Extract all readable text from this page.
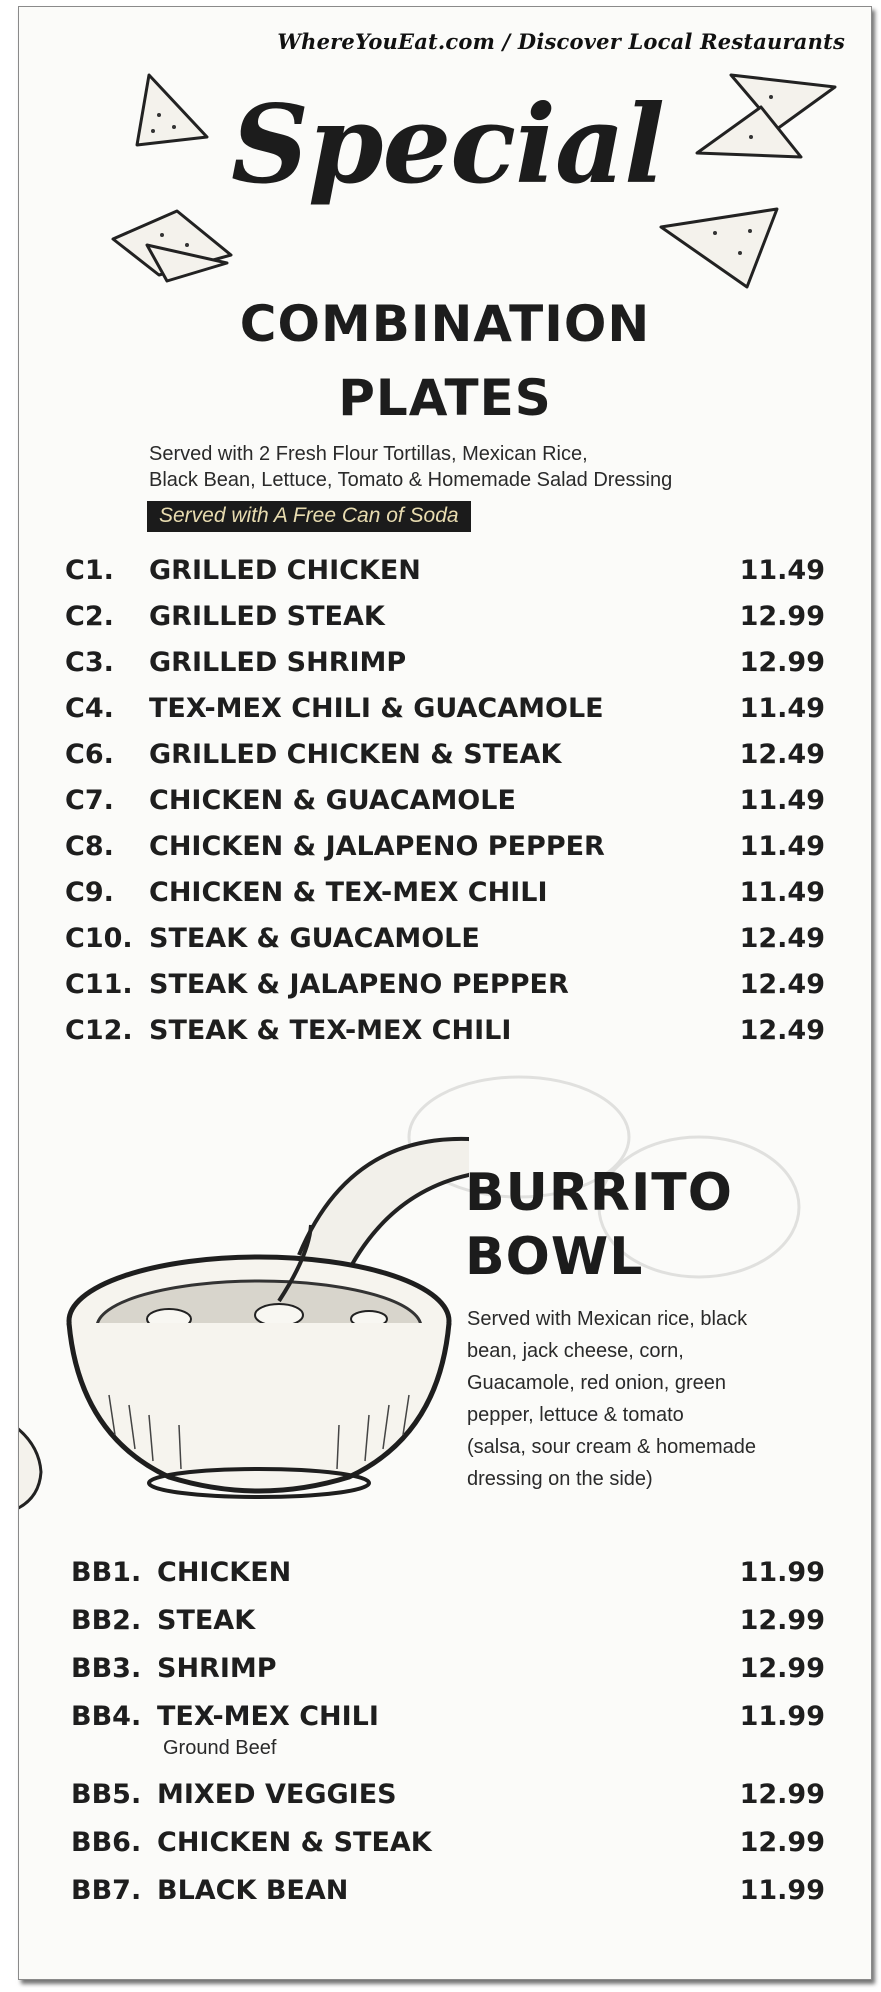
WhereYouEat.com / Discover Local Restaurants
Special
COMBINATION
PLATES
Served with 2 Fresh Flour Tortillas, Mexican Rice,
Black Bean, Lettuce, Tomato & Homemade Salad Dressing
Served with A Free Can of Soda
C1. GRILLED CHICKEN	11.49
C2. GRILLED STEAK	12.99
C3. GRILLED SHRIMP	12.99
C4. TEX-MEX CHILI & GUACAMOLE	11.49
C6. GRILLED CHICKEN & STEAK	12.49
C7. CHICKEN & GUACAMOLE	11.49
C8. CHICKEN & JALAPENO PEPPER	11.49
C9. CHICKEN & TEX-MEX CHILI	11.49
C10. STEAK & GUACAMOLE	12.49
C11. STEAK & JALAPENO PEPPER	12.49
C12. STEAK & TEX-MEX CHILI	12.49
BURRITO
BOWL
Served with Mexican rice, black
bean, jack cheese, corn,
Guacamole, red onion, green
pepper, lettuce & tomato
(salsa, sour cream & homemade
dressing on the side)
BB1. CHICKEN	11.99
BB2. STEAK	12.99
BB3. SHRIMP	12.99
BB4. TEX-MEX CHILI	11.99
Ground Beef
BB5. MIXED VEGGIES	12.99
BB6. CHICKEN & STEAK	12.99
BB7. BLACK BEAN	11.99
